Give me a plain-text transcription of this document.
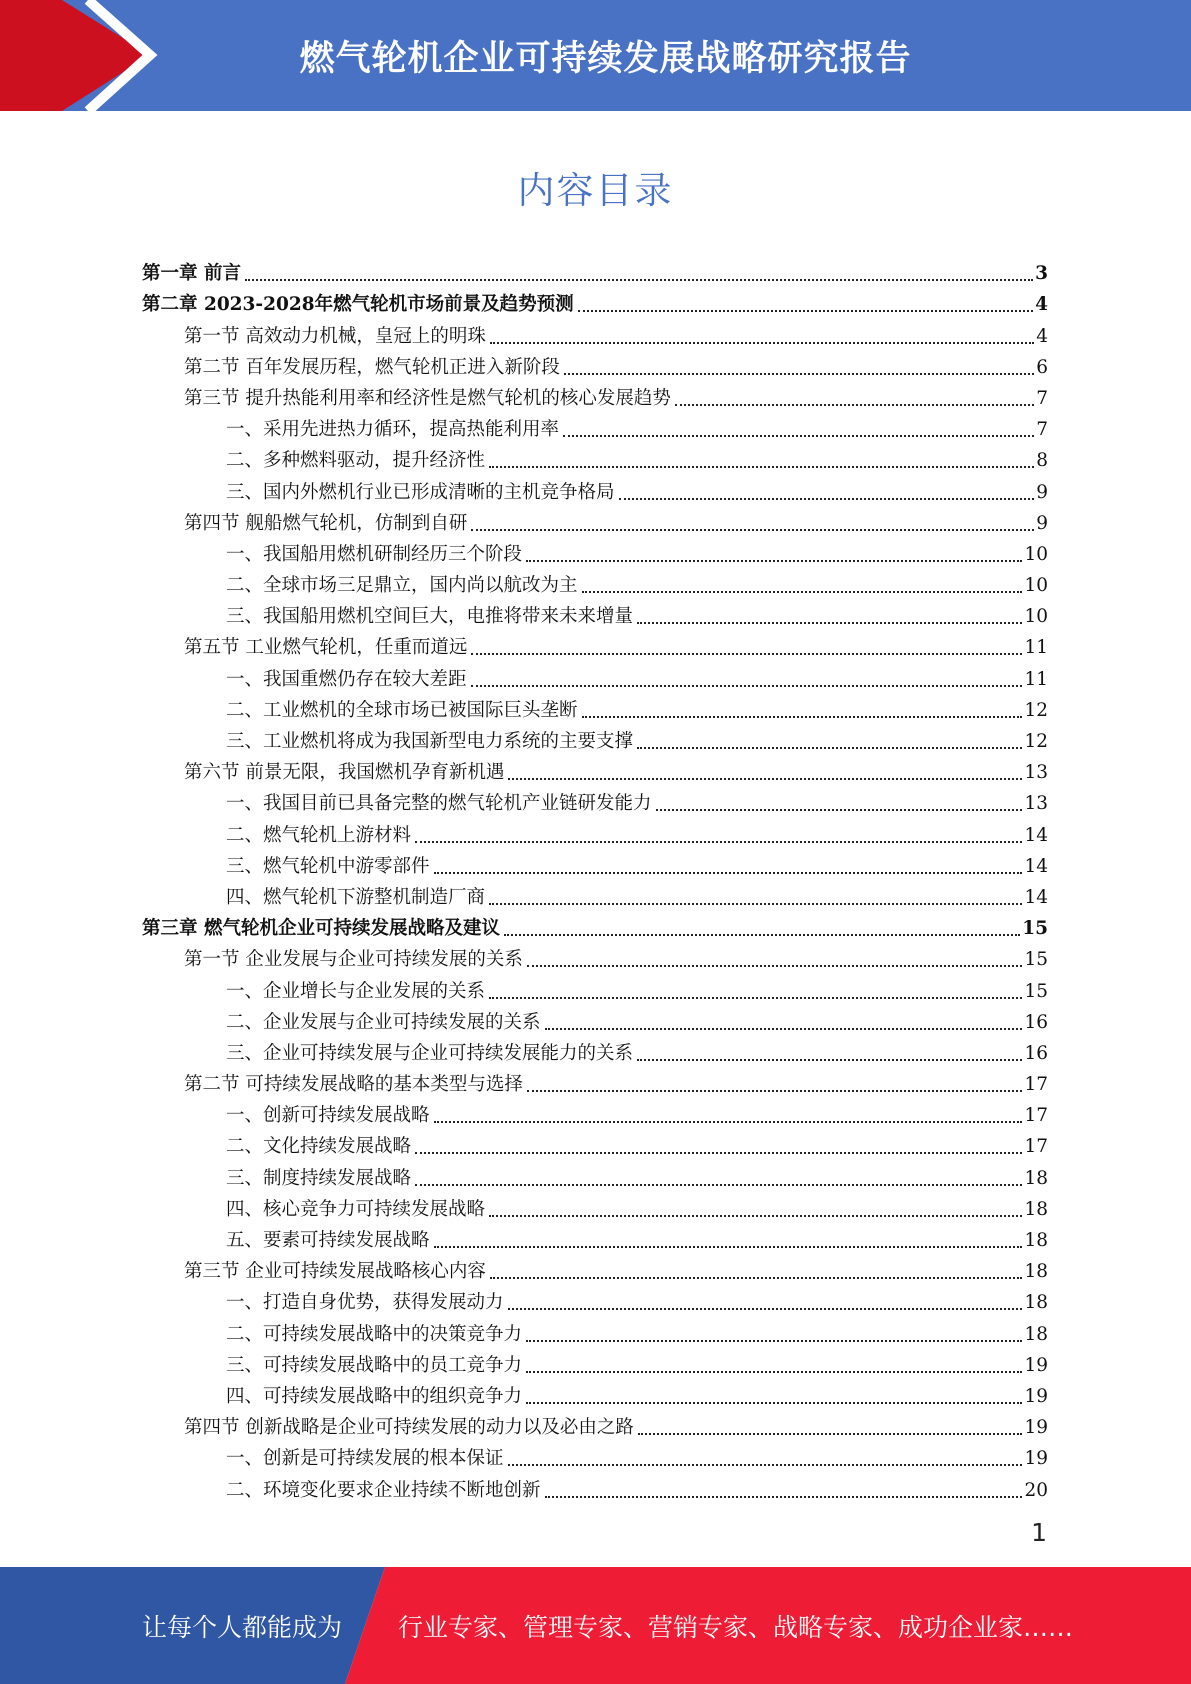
燃气轮机企业可持续发展战略研究报告
内容目录
第一章 前言	3
第二章 2023-2028年燃气轮机市场前景及趋势预测	4
第一节 高效动力机械，皇冠上的明珠	4
第二节 百年发展历程，燃气轮机正进入新阶段	6
第三节 提升热能利用率和经济性是燃气轮机的核心发展趋势	7
一、采用先进热力循环，提高热能利用率	7
二、多种燃料驱动，提升经济性	8
三、国内外燃机行业已形成清晰的主机竞争格局	9
第四节 舰船燃气轮机，仿制到自研	9
一、我国船用燃机研制经历三个阶段	10
二、全球市场三足鼎立，国内尚以航改为主	10
三、我国船用燃机空间巨大，电推将带来未来增量	10
第五节 工业燃气轮机，任重而道远	11
一、我国重燃仍存在较大差距	11
二、工业燃机的全球市场已被国际巨头垄断	12
三、工业燃机将成为我国新型电力系统的主要支撑	12
第六节 前景无限，我国燃机孕育新机遇	13
一、我国目前已具备完整的燃气轮机产业链研发能力	13
二、燃气轮机上游材料	14
三、燃气轮机中游零部件	14
四、燃气轮机下游整机制造厂商	14
第三章 燃气轮机企业可持续发展战略及建议	15
第一节 企业发展与企业可持续发展的关系	15
一、企业增长与企业发展的关系	15
二、企业发展与企业可持续发展的关系	16
三、企业可持续发展与企业可持续发展能力的关系	16
第二节 可持续发展战略的基本类型与选择	17
一、创新可持续发展战略	17
二、文化持续发展战略	17
三、制度持续发展战略	18
四、核心竞争力可持续发展战略	18
五、要素可持续发展战略	18
第三节 企业可持续发展战略核心内容	18
一、打造自身优势，获得发展动力	18
二、可持续发展战略中的决策竞争力	18
三、可持续发展战略中的员工竞争力	19
四、可持续发展战略中的组织竞争力	19
第四节 创新战略是企业可持续发展的动力以及必由之路	19
一、创新是可持续发展的根本保证	19
二、环境变化要求企业持续不断地创新	20
1
让每个人都能成为 行业专家、管理专家、营销专家、战略专家、成功企业家……
